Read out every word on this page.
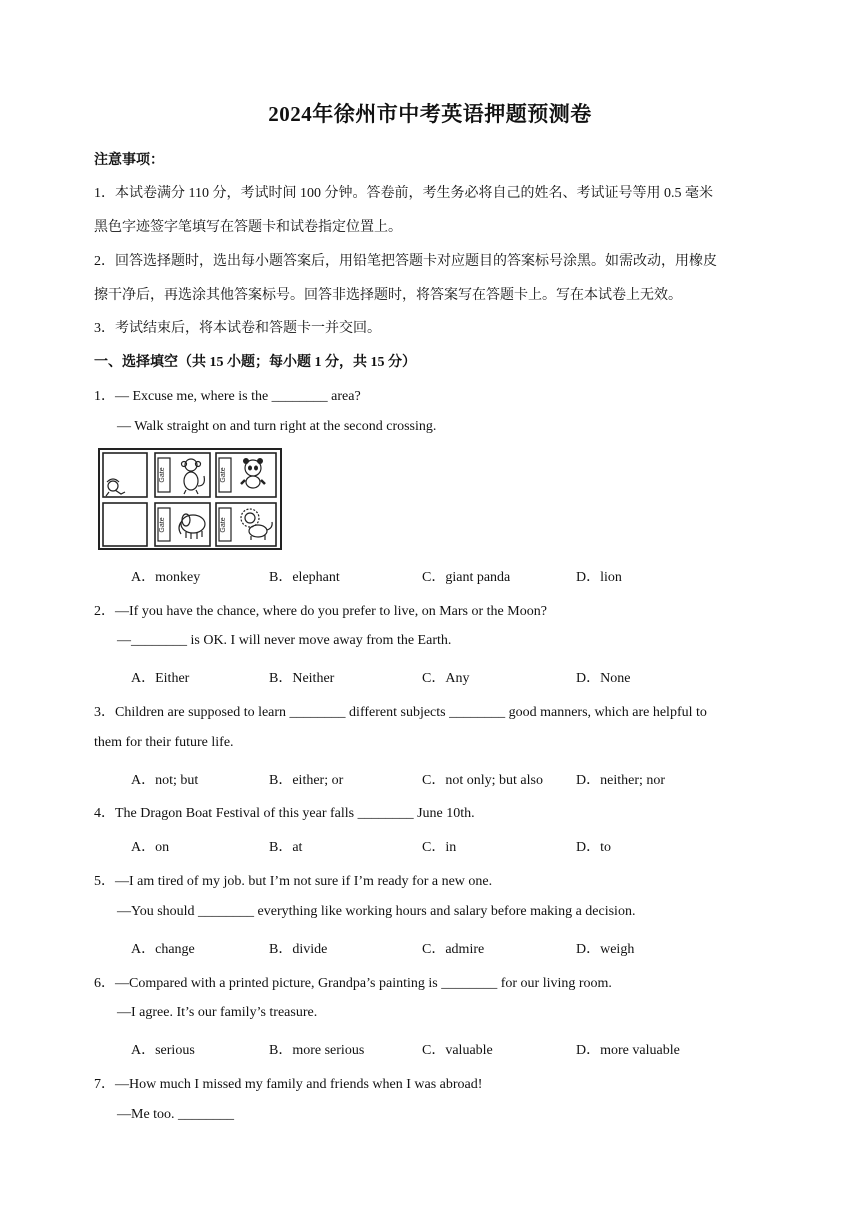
2024年徐州市中考英语押题预测卷
注意事项：
1．本试卷满分 110 分，考试时间 100 分钟。答卷前，考生务必将自己的姓名、考试证号等用 0.5 毫米
黑色字迹签字笔填写在答题卡和试卷指定位置上。
2．回答选择题时，选出每小题答案后，用铅笔把答题卡对应题目的答案标号涂黑。如需改动，用橡皮
擦干净后，再选涂其他答案标号。回答非选择题时，将答案写在答题卡上。写在本试卷上无效。
3．考试结束后，将本试卷和答题卡一并交回。
一、选择填空（共 15 小题；每小题 1 分，共 15 分）
1．— Excuse me, where is the ________ area?
— Walk straight on and turn right at the second crossing.
Gate	Gate
Gate	Gate
A．monkey	B．elephant	C．giant panda	D．lion
2．—If you have the chance, where do you prefer to live, on Mars or the Moon?
—________ is OK. I will never move away from the Earth.
A．Either	B．Neither	C．Any	D．None
3．Children are supposed to learn ________ different subjects ________ good manners, which are helpful to
them for their future life.
A．not; but	B．either; or	C．not only; but also D．neither; nor
4．The Dragon Boat Festival of this year falls ________ June 10th.
A．on	B．at	C．in	D．to
5．—I am tired of my job. but I’m not sure if I’m ready for a new one.
—You should ________ everything like working hours and salary before making a decision.
A．change	B．divide	C．admire	D．weigh
6．—Compared with a printed picture, Grandpa’s painting is ________ for our living room.
—I agree. It’s our family’s treasure.
A．serious	B．more serious	C．valuable	D．more valuable
7．—How much I missed my family and friends when I was abroad!
—Me too. ________
